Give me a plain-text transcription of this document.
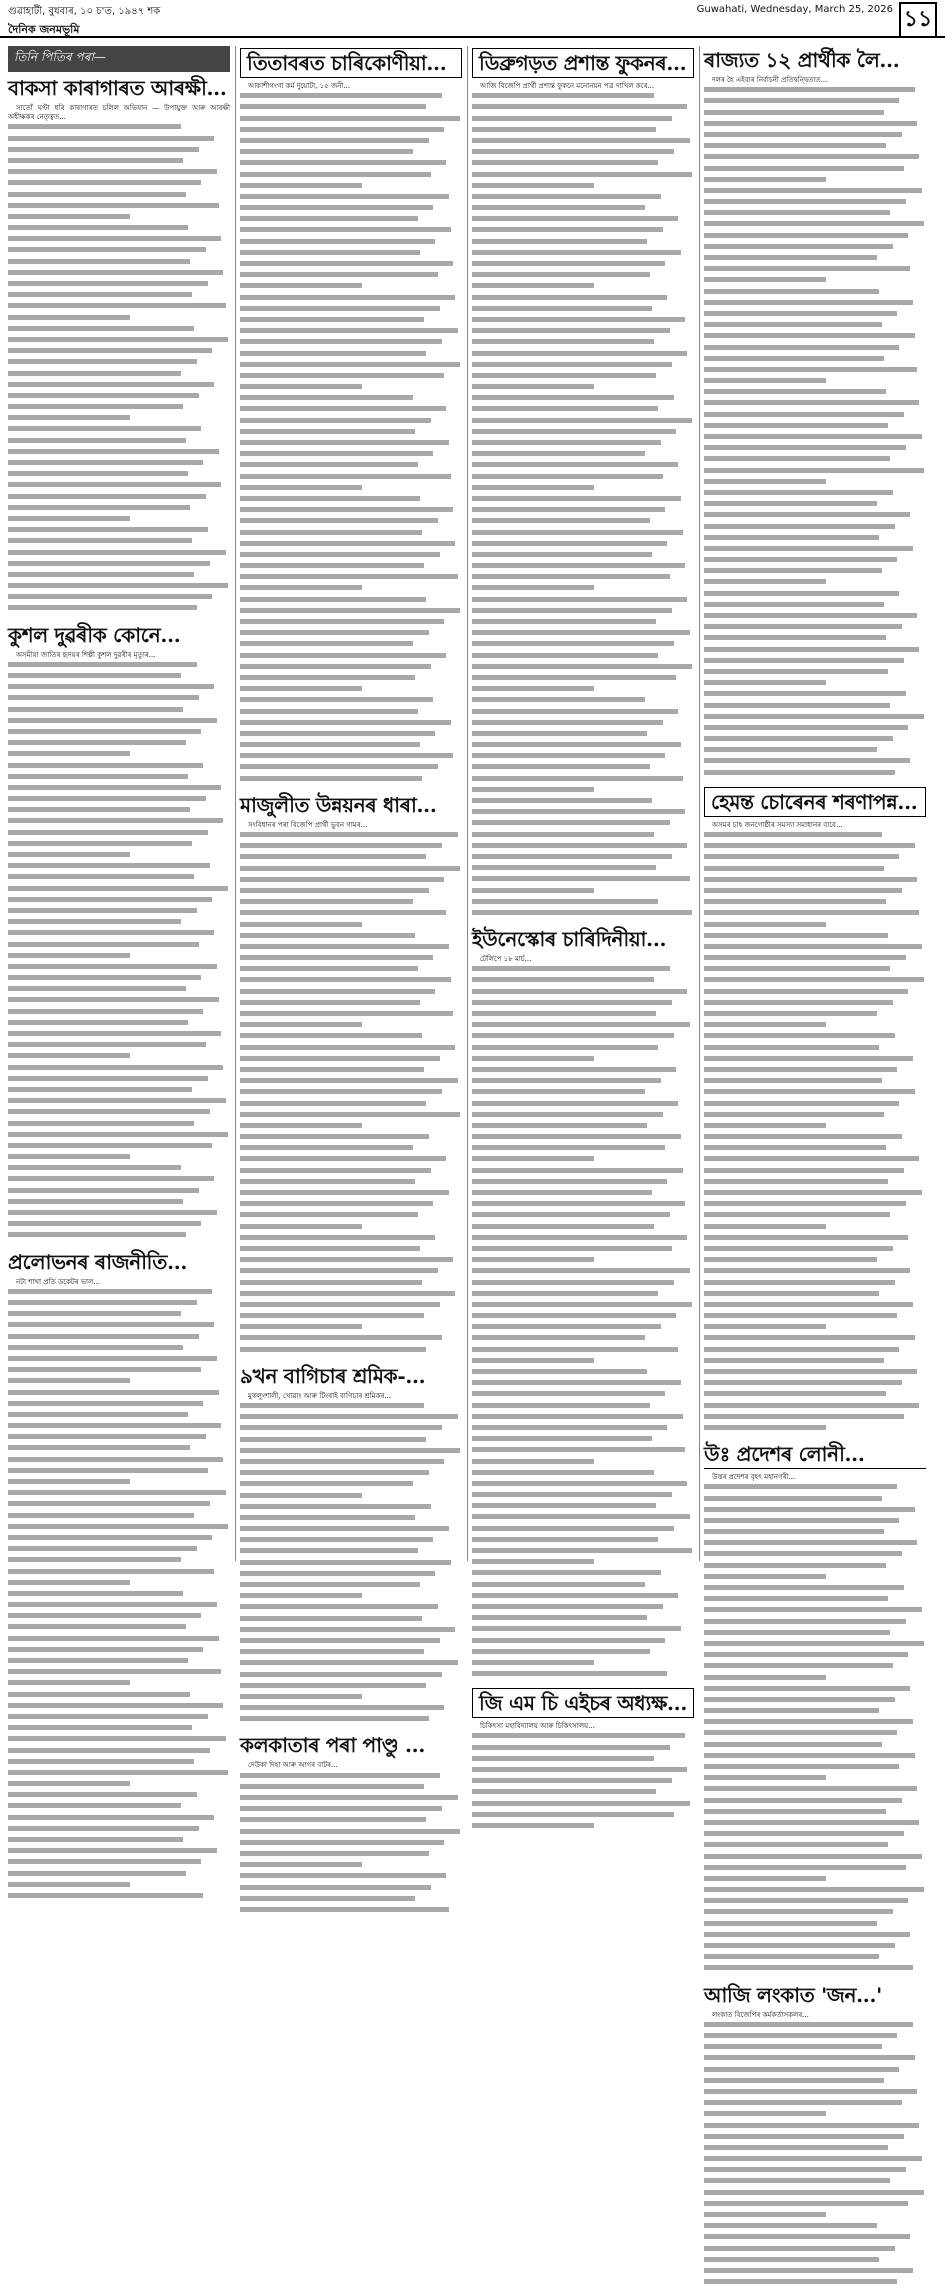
গুৱাহাটী, বুধবাৰ, ১০ চ'ত, ১৯৪৭ শক
দৈনিক জনমভূমি
Guwahati, Wednesday, March 25, 2026 ১১
তিনি পিতিৰ পৰা—
বাকসা কাৰাগাৰত আৰক্ষী...

সাতোঁ ঘণ্টা ধৰি কাৰাগাৰত চলিল অভিযান — উপায়ুক্ত আৰু আৰক্ষী অধীক্ষকৰ নেতৃত্বত...

কুশল দুৱৰীক কোনে...

অসমীয়া জাতিৰ হৃদয়ৰ শিল্পী কুশল দুৱৰীৰ মৃত্যুৰ...

প্ৰলোভনৰ ৰাজনীতি...

নটা শাখা প্ৰতি ডকেটৰ ভাল...

তিতাবৰত চাৰিকোণীয়া...

আকাশীগংগা কৰ্ম দুয়োটা, ১৫ জনী...

মাজুলীত উন্নয়নৰ ধাৰা...

সংবিধানৰ পৰা বিজেপি প্ৰাৰ্থী ভুবন গামৰ...

৯খন বাগিচাৰ শ্ৰমিক-...

মুকলুংশালী, খোৱাং আৰু টিংৰাই বাগিচাৰ শ্ৰমিকৰ...

কলকাতাৰ পৰা পাণ্ডু ...

দেউকা দিহা আৰু আগৰ বাটৰ...

ডিব্ৰুগড়ত প্ৰশান্ত ফুকনৰ...

আজি বিজেপি প্ৰাৰ্থী প্ৰশান্ত ফুকনে মনোনয়ন পত্ৰ দাখিল কৰে...

ইউনেস্কোৰ চাৰিদিনীয়া...

টেলিপে ১৮ মাৰ্চ...

জি এম চি এইচৰ অধ্যক্ষ...

চিকিৎসা মহাবিদ্যালয় আৰু চিকিৎসালয়...

ৰাজ্যত ১২ প্ৰাৰ্থীক লৈ...

দলৰ হৈ এইবাৰ নিৰ্বাচনী প্ৰতিদ্বন্দ্বিতাত...

হেমন্ত চোৰেনৰ শৰণাপন্ন...

অসমৰ চাহ জনগোষ্ঠীৰ সমস্যা সমাধানৰ বাবে...

উঃ প্ৰদেশৰ লোনী...

উত্তৰ প্ৰদেশৰ বৃহৎ মহানগৰী...

আজি লংকাত 'জন...'

লংকাত বিজেপিৰ কৰ্মকৰ্তাসকলৰ...
